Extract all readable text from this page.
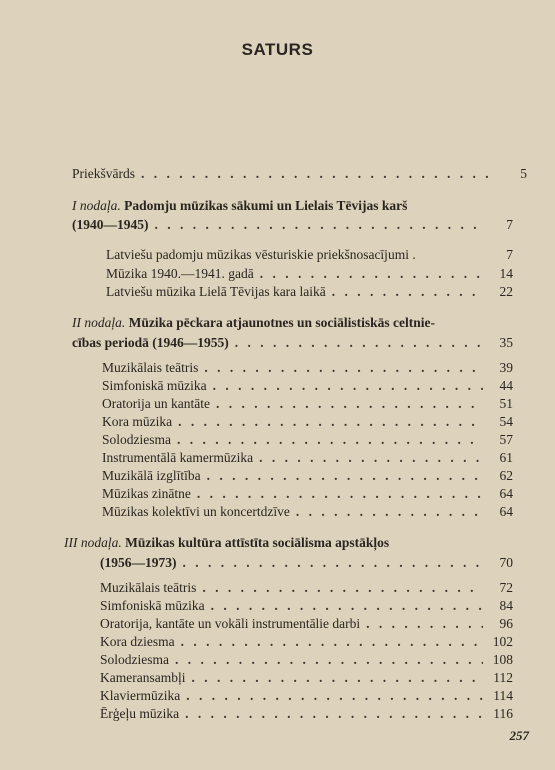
SATURS
Priekšvārds . . .	5
I nodaļa. Padomju mūzikas sākumi un Lielais Tēvijas karš
(1940—1945) . . .	7
Latviešu padomju mūzikas vēsturiskie priekšnosacījumi .	7
Mūzika 1940.—1941. gadā . . .	14
Latviešu mūzika Lielā Tēvijas kara laikā . . .	22
II nodaļa. Mūzika pēckara atjaunotnes un sociālistiskās celtnie-
cības periodā (1946—1955) . . .	35
Muzikālais teātris . . .	39
Simfoniskā mūzika . . .	44
Oratorija un kantāte . . .	51
Kora mūzika . . .	54
Solodziesma . . .	57
Instrumentālā kamermūzika . . .	61
Muzikālā izglītība . . .	62
Mūzikas zinātne . . .	64
Mūzikas kolektīvi un koncertdzīve . . .	64
III nodaļa. Mūzikas kultūra attīstīta sociālisma apstākļos
(1956—1973) . . .	70
Muzikālais teātris . . .	72
Simfoniskā mūzika . . .	84
Oratorija, kantāte un vokāli instrumentālie darbi . . .	96
Kora dziesma . . .	102
Solodziesma . . .	108
Kameransambļi . . .	112
Klaviermūzika . . .	114
Ērģeļu mūzika . . .	116
257
